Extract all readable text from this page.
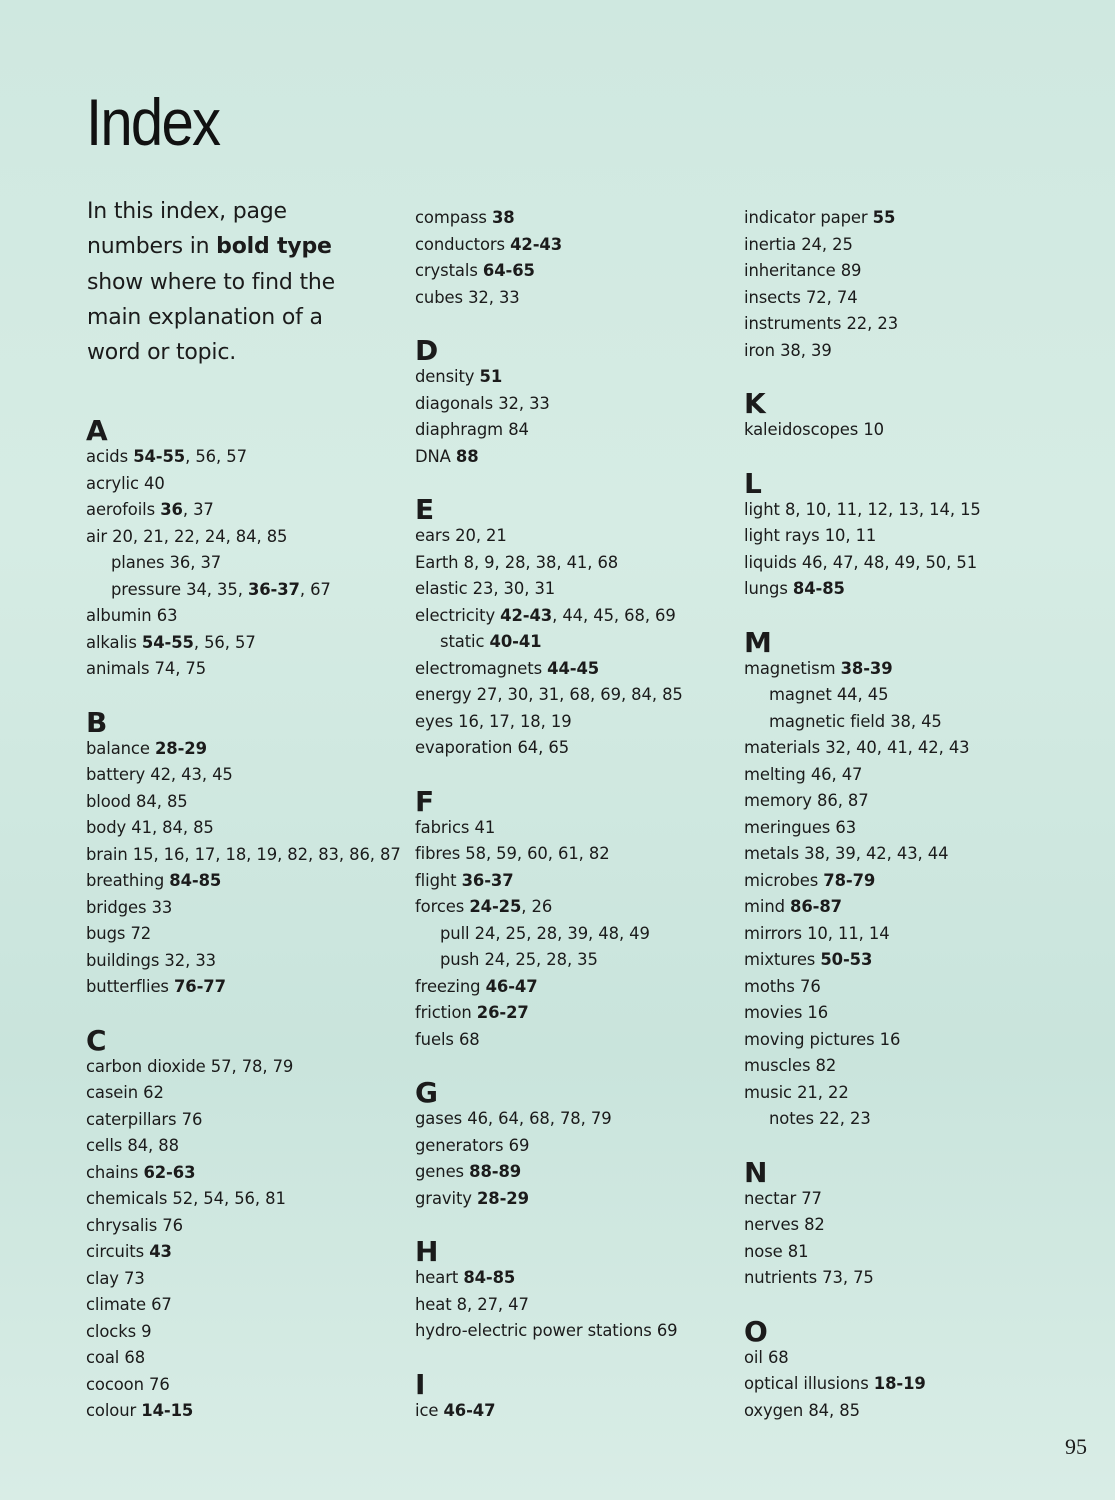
Index

In this index, page numbers in bold type show where to find the main explanation of a word or topic.

A
acids 54-55, 56, 57
acrylic 40
aerofoils 36, 37
air 20, 21, 22, 24, 84, 85
planes 36, 37
pressure 34, 35, 36-37, 67
albumin 63
alkalis 54-55, 56, 57
animals 74, 75
B
balance 28-29
battery 42, 43, 45
blood 84, 85
body 41, 84, 85
brain 15, 16, 17, 18, 19, 82, 83, 86, 87
breathing 84-85
bridges 33
bugs 72
buildings 32, 33
butterflies 76-77
C
carbon dioxide 57, 78, 79
casein 62
caterpillars 76
cells 84, 88
chains 62-63
chemicals 52, 54, 56, 81
chrysalis 76
circuits 43
clay 73
climate 67
clocks 9
coal 68
cocoon 76
colour 14-15
compass 38
conductors 42-43
crystals 64-65
cubes 32, 33
D
density 51
diagonals 32, 33
diaphragm 84
DNA 88
E
ears 20, 21
Earth 8, 9, 28, 38, 41, 68
elastic 23, 30, 31
electricity 42-43, 44, 45, 68, 69
static 40-41
electromagnets 44-45
energy 27, 30, 31, 68, 69, 84, 85
eyes 16, 17, 18, 19
evaporation 64, 65
F
fabrics 41
fibres 58, 59, 60, 61, 82
flight 36-37
forces 24-25, 26
pull 24, 25, 28, 39, 48, 49
push 24, 25, 28, 35
freezing 46-47
friction 26-27
fuels 68
G
gases 46, 64, 68, 78, 79
generators 69
genes 88-89
gravity 28-29
H
heart 84-85
heat 8, 27, 47
hydro-electric power stations 69
I
ice 46-47
indicator paper 55
inertia 24, 25
inheritance 89
insects 72, 74
instruments 22, 23
iron 38, 39
K
kaleidoscopes 10
L
light 8, 10, 11, 12, 13, 14, 15
light rays 10, 11
liquids 46, 47, 48, 49, 50, 51
lungs 84-85
M
magnetism 38-39
magnet 44, 45
magnetic field 38, 45
materials 32, 40, 41, 42, 43
melting 46, 47
memory 86, 87
meringues 63
metals 38, 39, 42, 43, 44
microbes 78-79
mind 86-87
mirrors 10, 11, 14
mixtures 50-53
moths 76
movies 16
moving pictures 16
muscles 82
music 21, 22
notes 22, 23
N
nectar 77
nerves 82
nose 81
nutrients 73, 75
O
oil 68
optical illusions 18-19
oxygen 84, 85

95
